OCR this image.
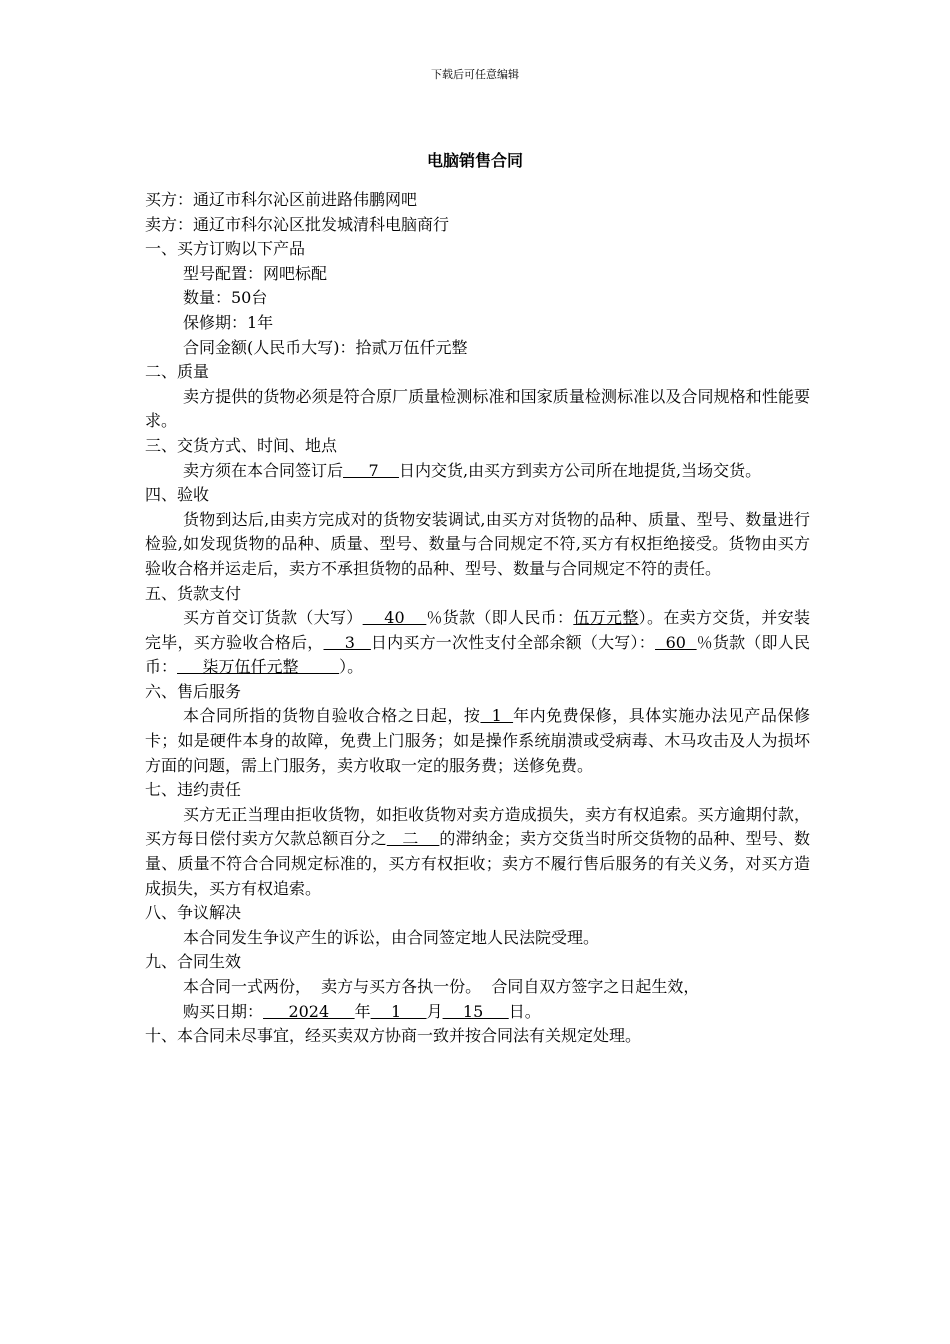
下载后可任意编辑
电脑销售合同

买方：通辽市科尔沁区前进路伟鹏网吧

卖方：通辽市科尔沁区批发城清科电脑商行

一、买方订购以下产品

型号配置：网吧标配

数量：50台

保修期：1年

合同金额(人民币大写)：拾贰万伍仟元整

二、质量

卖方提供的货物必须是符合原厂质量检测标准和国家质量检测标准以及合同规格和性能要求。

三、交货方式、时间、地点

卖方须在本合同签订后     7    日内交货,由买方到卖方公司所在地提货,当场交货。

四、验收

货物到达后,由卖方完成对的货物安装调试,由买方对货物的品种、质量、型号、数量进行检验,如发现货物的品种、质量、型号、数量与合同规定不符,买方有权拒绝接受。货物由买方验收合格并运走后，卖方不承担货物的品种、型号、数量与合同规定不符的责任。

五、货款支付

买方首交订货款（大写）    40    ％货款（即人民币：伍万元整）。在卖方交货，并安装完毕，买方验收合格后，    3   日内买方一次性支付全部余额（大写）：  60  ％货款（即人民币：     柒万伍仟元整        ）。

六、售后服务

本合同所指的货物自验收合格之日起，按  1  年内免费保修，具体实施办法见产品保修卡；如是硬件本身的故障，免费上门服务；如是操作系统崩溃或受病毒、木马攻击及人为损坏方面的问题，需上门服务，卖方收取一定的服务费；送修免费。

七、违约责任

买方无正当理由拒收货物，如拒收货物对卖方造成损失，卖方有权追索。买方逾期付款，买方每日偿付卖方欠款总额百分之   二    的滞纳金；卖方交货当时所交货物的品种、型号、数量、质量不符合合同规定标准的，买方有权拒收；卖方不履行售后服务的有关义务，对买方造成损失，买方有权追索。

八、争议解决

本合同发生争议产生的诉讼，由合同签定地人民法院受理。

九、合同生效

本合同一式两份，  卖方与买方各执一份。  合同自双方签字之日起生效，

购买日期：     2024     年    1     月    15     日。

十、本合同未尽事宜，经买卖双方协商一致并按合同法有关规定处理。
